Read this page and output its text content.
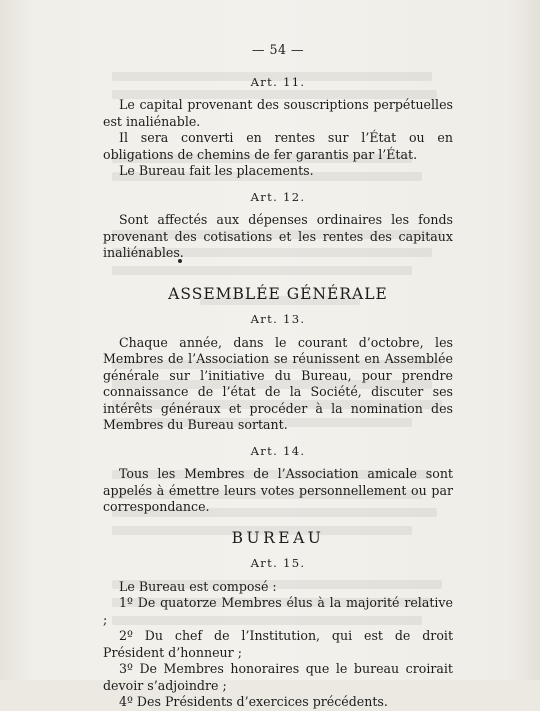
— 54 —
Art. 11.

Le capital provenant des souscriptions perpétuelles est inaliénable.

Il sera converti en rentes sur l’État ou en obligations de chemins de fer garantis par l’État.

Le Bureau fait les placements.

Art. 12.

Sont affectés aux dépenses ordinaires les fonds provenant des cotisations et les rentes des capitaux inaliénables.

ASSEMBLÉE GÉNÉRALE
Art. 13.

Chaque année, dans le courant d’octobre, les Membres de l’Association se réunissent en Assemblée générale sur l’initiative du Bureau, pour prendre connaissance de l’état de la Société, discuter ses intérêts généraux et procéder à la nomination des Membres du Bureau sortant.

Art. 14.

Tous les Membres de l’Association amicale sont appelés à émettre leurs votes personnellement ou par correspondance.

BUREAU
Art. 15.

Le Bureau est composé :

1º De quatorze Membres élus à la majorité relative ;

2º Du chef de l’Institution, qui est de droit Président d’honneur ;

3º De Membres honoraires que le bureau croirait devoir s’adjoindre ;

4º Des Présidents d’exercices précédents.
